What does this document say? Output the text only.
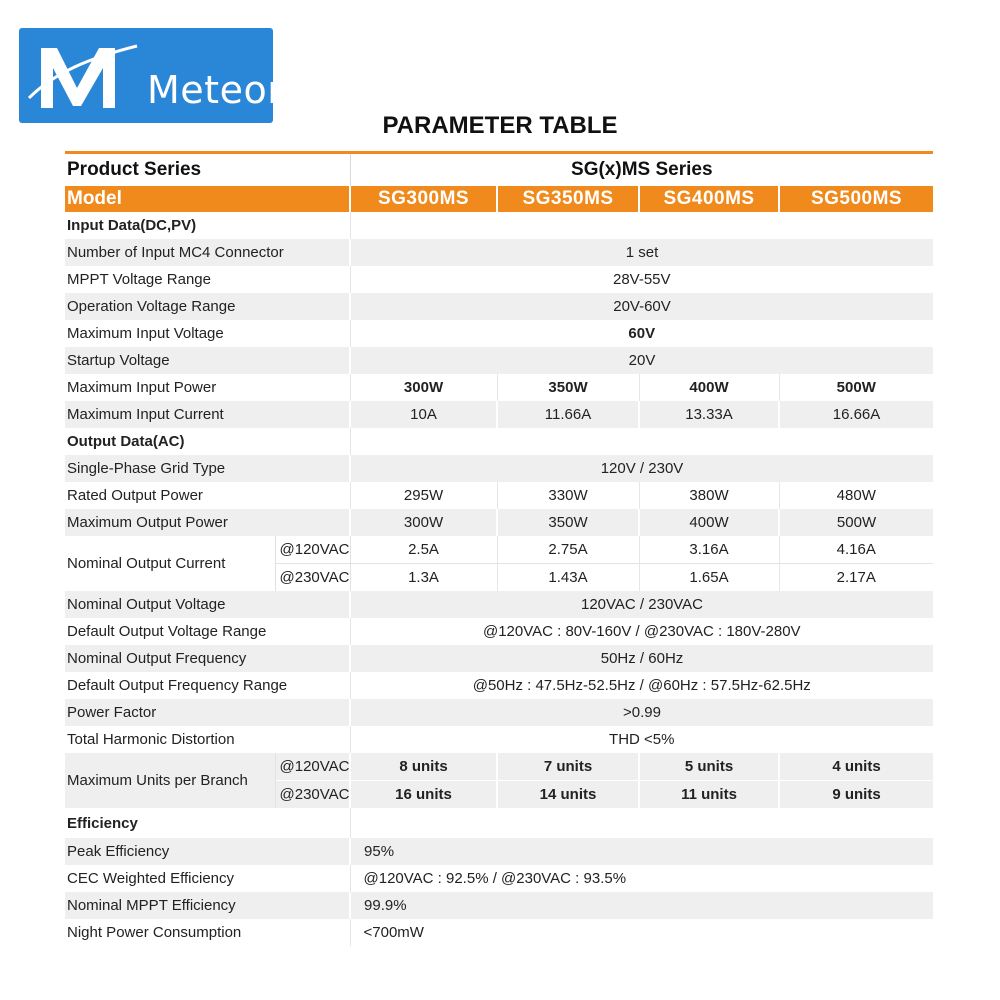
Meteor
PARAMETER TABLE
Product Series		SG(x)MS Series			
Model		SG300MS	SG350MS	SG400MS	SG500MS
Input Data(DC,PV)					
Number of Input MC4 Connector		1 set			
MPPT Voltage Range		28V-55V			
Operation Voltage Range		20V-60V			
Maximum Input Voltage		60V			
Startup Voltage		20V			
Maximum Input Power		300W	350W	400W	500W
Maximum Input Current		10A	11.66A	13.33A	16.66A
Output Data(AC)					
Single-Phase Grid Type		120V / 230V			
Rated Output Power		295W	330W	380W	480W
Maximum Output Power		300W	350W	400W	500W
Nominal Output Current	@120VAC	2.5A	2.75A	3.16A	4.16A
	@230VAC	1.3A	1.43A	1.65A	2.17A
Nominal Output Voltage		120VAC / 230VAC			
Default Output Voltage Range		@120VAC : 80V-160V / @230VAC : 180V-280V			
Nominal Output Frequency		50Hz / 60Hz			
Default Output Frequency Range		@50Hz : 47.5Hz-52.5Hz / @60Hz : 57.5Hz-62.5Hz			
Power Factor		>0.99			
Total Harmonic Distortion		THD <5%			
Maximum Units per Branch	@120VAC	8 units	7 units	5 units	4 units
	@230VAC	16 units	14 units	11 units	9 units
Efficiency					
Peak Efficiency		95%			
CEC Weighted Efficiency		@120VAC : 92.5% / @230VAC : 93.5%			
Nominal MPPT Efficiency		99.9%			
Night Power Consumption		<700mW			
